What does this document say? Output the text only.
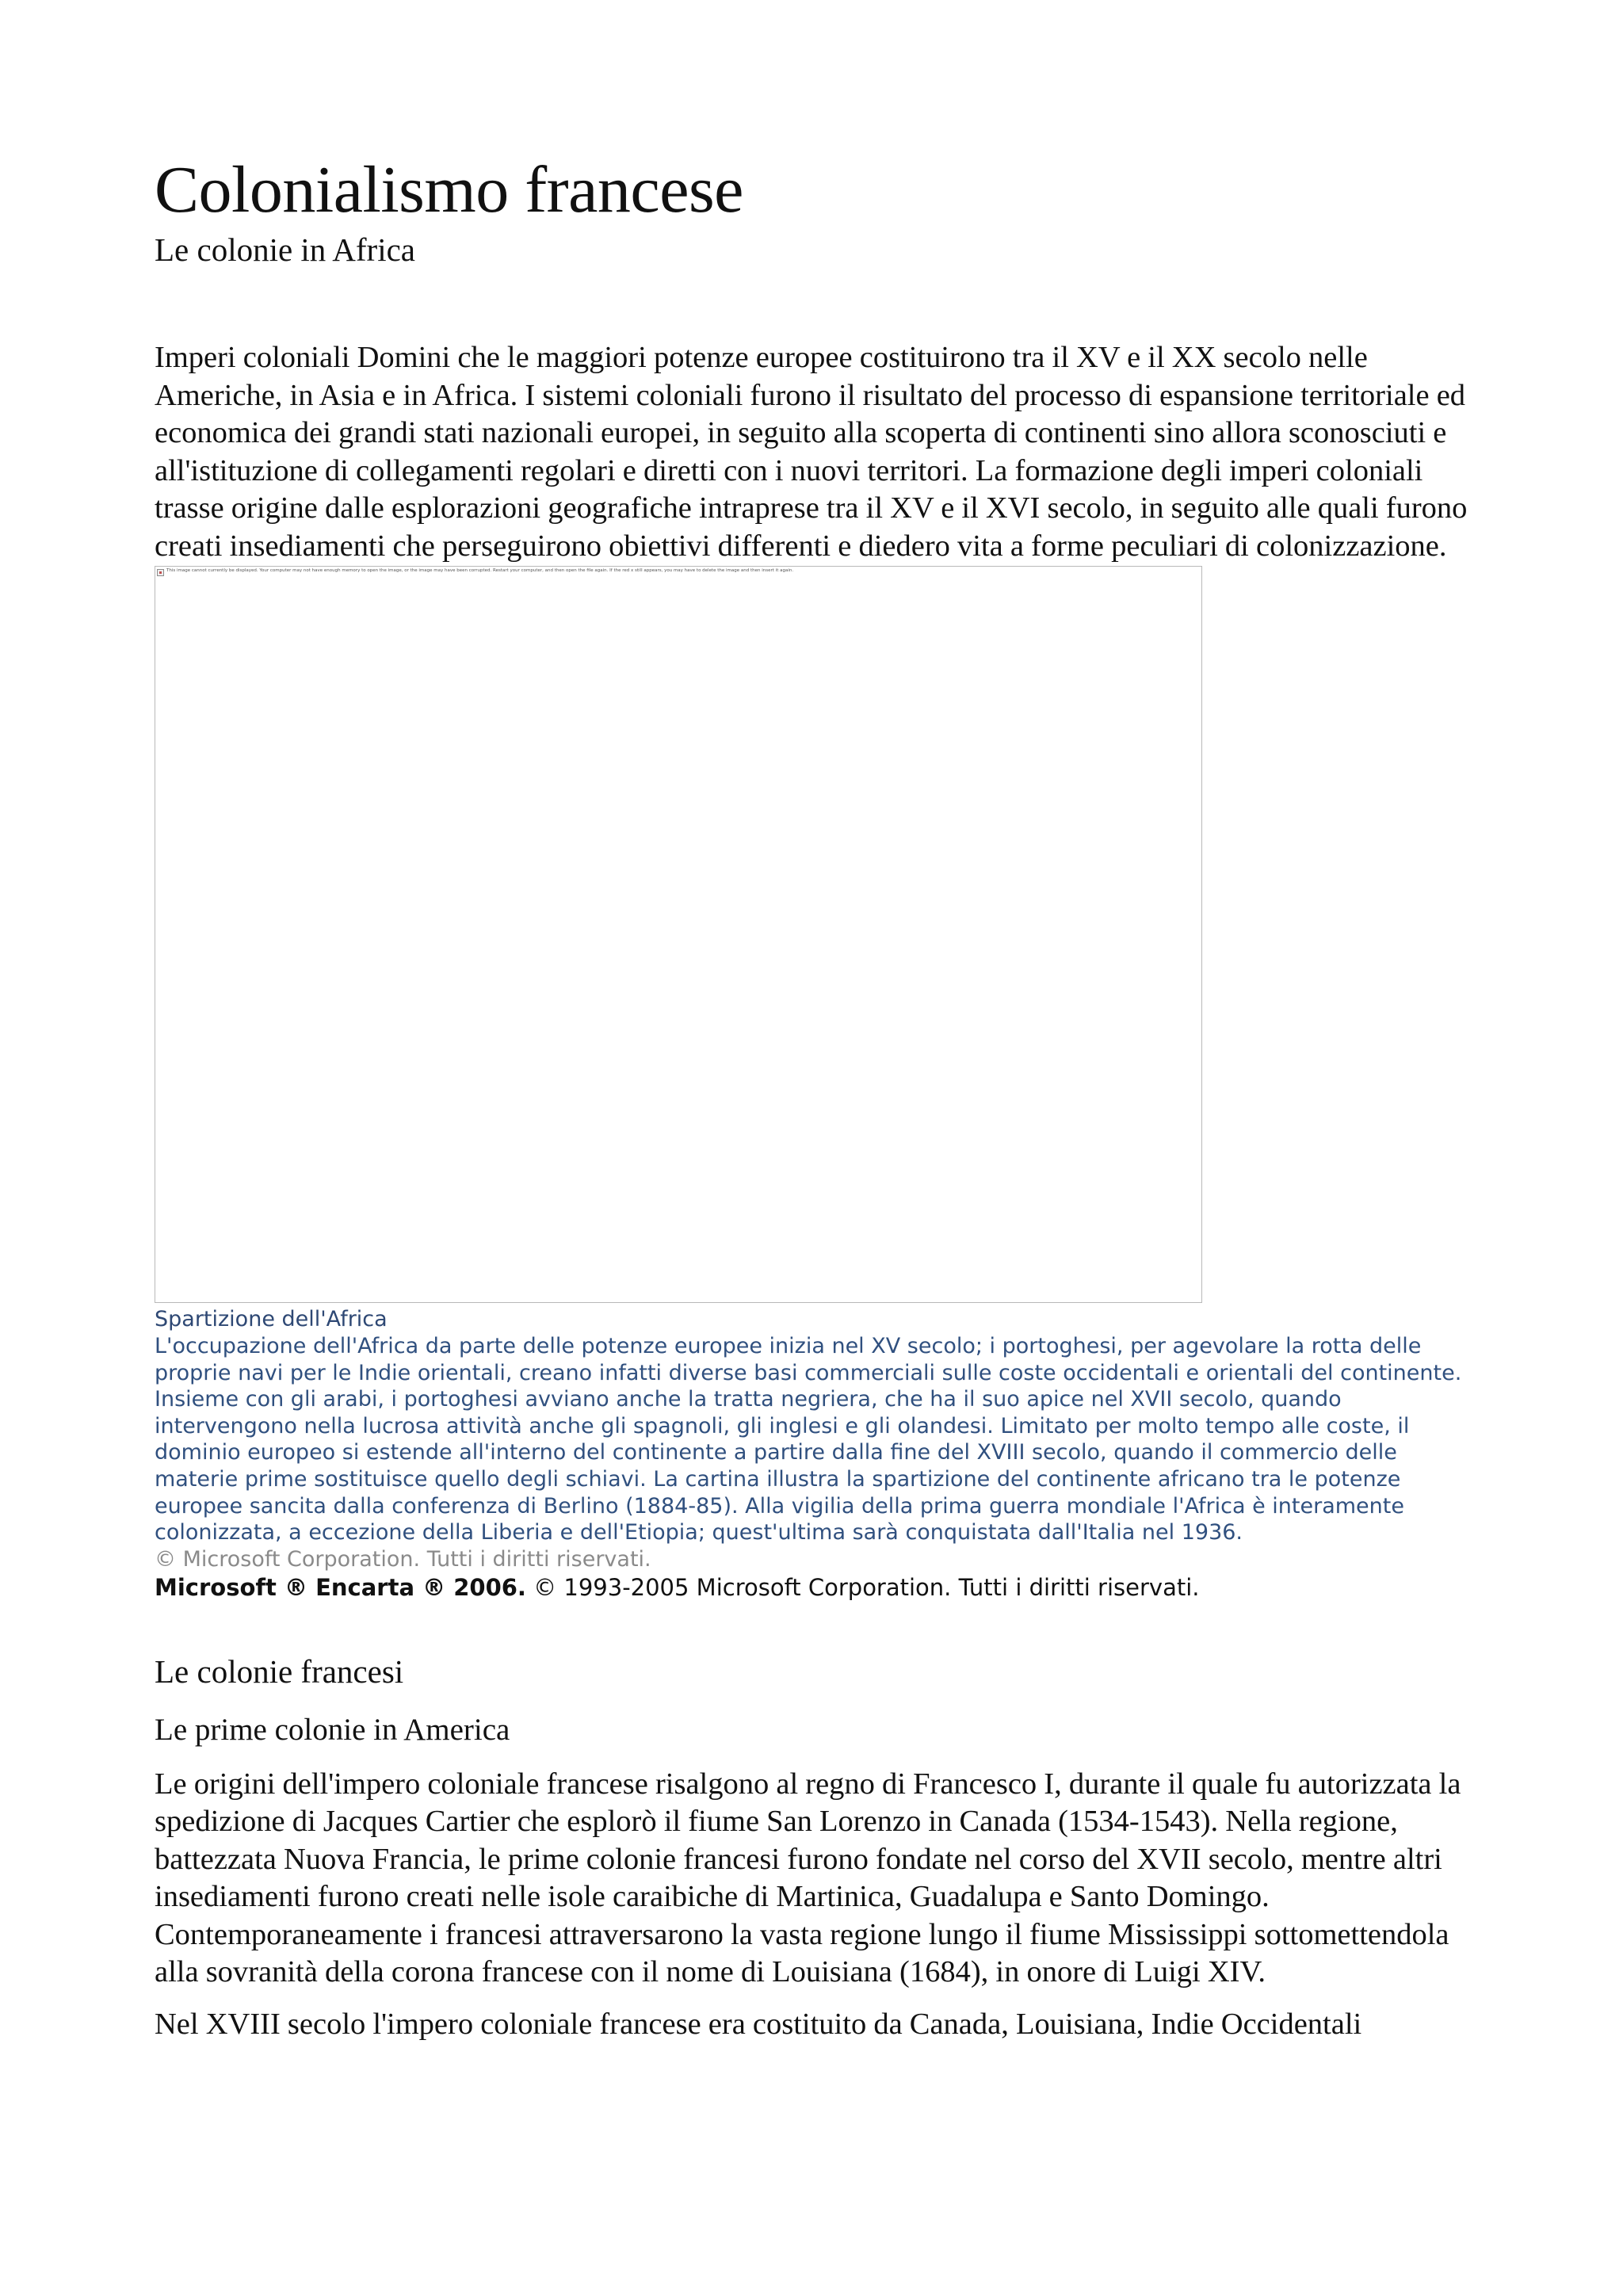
Colonialismo francese
Le colonie in Africa

Imperi coloniali Domini che le maggiori potenze europee costituirono tra il XV e il XX secolo nelle Americhe, in Asia e in Africa. I sistemi coloniali furono il risultato del processo di espansione territoriale ed economica dei grandi stati nazionali europei, in seguito alla scoperta di continenti sino allora sconosciuti e all'istituzione di collegamenti regolari e diretti con i nuovi territori. La formazione degli imperi coloniali trasse origine dalle esplorazioni geografiche intraprese tra il XV e il XVI secolo, in seguito alle quali furono creati insediamenti che perseguirono obiettivi differenti e diedero vita a forme peculiari di colonizzazione.

This image cannot currently be displayed. Your computer may not have enough memory to open the image, or the image may have been corrupted. Restart your computer, and then open the file again. If the red x still appears, you may have to delete the image and then insert it again.
Spartizione dell'Africa

L'occupazione dell'Africa da parte delle potenze europee inizia nel XV secolo; i portoghesi, per agevolare la rotta delle proprie navi per le Indie orientali, creano infatti diverse basi commerciali sulle coste occidentali e orientali del continente. Insieme con gli arabi, i portoghesi avviano anche la tratta negriera, che ha il suo apice nel XVII secolo, quando intervengono nella lucrosa attività anche gli spagnoli, gli inglesi e gli olandesi. Limitato per molto tempo alle coste, il dominio europeo si estende all'interno del continente a partire dalla fine del XVIII secolo, quando il commercio delle materie prime sostituisce quello degli schiavi. La cartina illustra la spartizione del continente africano tra le potenze europee sancita dalla conferenza di Berlino (1884-85). Alla vigilia della prima guerra mondiale l'Africa è interamente colonizzata, a eccezione della Liberia e dell'Etiopia; quest'ultima sarà conquistata dall'Italia nel 1936.

© Microsoft Corporation. Tutti i diritti riservati.
Microsoft ® Encarta ® 2006. © 1993-2005 Microsoft Corporation. Tutti i diritti riservati.
Le colonie francesi
Le prime colonie in America

Le origini dell'impero coloniale francese risalgono al regno di Francesco I, durante il quale fu autorizzata la spedizione di Jacques Cartier che esplorò il fiume San Lorenzo in Canada (1534-1543). Nella regione, battezzata Nuova Francia, le prime colonie francesi furono fondate nel corso del XVII secolo, mentre altri insediamenti furono creati nelle isole caraibiche di Martinica, Guadalupa e Santo Domingo. Contemporaneamente i francesi attraversarono la vasta regione lungo il fiume Mississippi sottomettendola alla sovranità della corona francese con il nome di Louisiana (1684), in onore di Luigi XIV.

Nel XVIII secolo l'impero coloniale francese era costituito da Canada, Louisiana, Indie Occidentali
